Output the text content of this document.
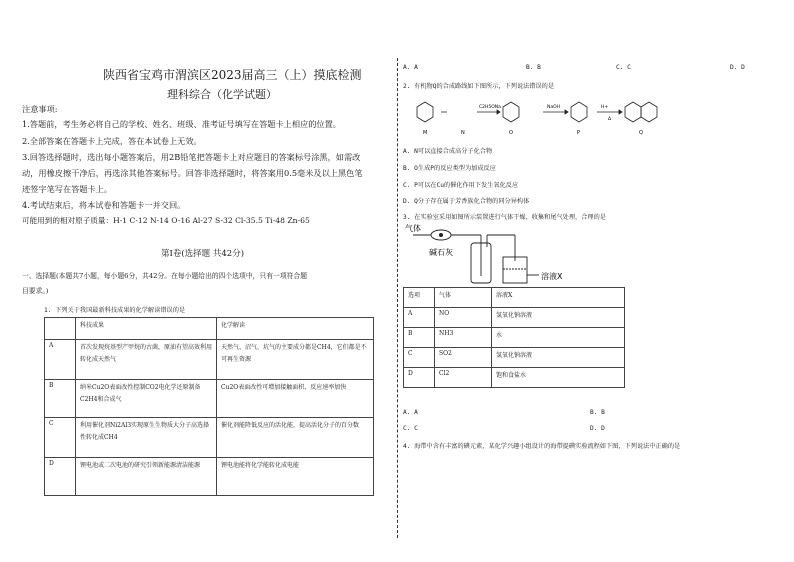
陕西省宝鸡市渭滨区2023届高三（上）摸底检测
理科综合（化学试题）
注意事项:
1.答题前，考生务必将自己的学校、姓名、班级、准考证号填写在答题卡上相应的位置。
2.全部答案在答题卡上完成，答在本试卷上无效。
3.回答选择题时，选出每小题答案后，用2B铅笔把答题卡上对应题目的答案标号涂黑，如需改
动，用橡皮擦干净后，再选涂其他答案标号。回答非选择题时，将答案用0.5毫米及以上黑色笔
迹签字笔写在答题卡上。
4.考试结束后，将本试卷和答题卡一并交回。
可能用到的相对原子质量：H-1 C-12 N-14 O-16 Al-27 S-32 Cl-35.5 Ti-48 Zn-65
第Ⅰ卷(选择题 共42分)
一、选择题(本题共7小题，每小题6分，共42分。在每小题给出的四个选项中，只有一项符合题
目要求。)
1. 下列关于我国最新科技成果的化学解读错误的是
	科技成果	化学解读
A	首次发现烷基型产甲烷的古菌，原油有望高效利用转化成天然气	天然气、沼气、坑气的主要成分都是CH4，它们都是不可再生资源
B	纳米Cu2O表面改性控制CO2电化学还原制备C2H4和合成气	Cu2O表面改性可增加接触面积，反应速率加快
C	利用催化剂Ni2Al3实现原生生物质大分子高选择性转化成CH4	催化剂能降低反应的活化能，提高活化分子的百分数
D	锂电池或二次电池的研究引领新能源清洁能源	锂电池能将化学能转化成电能
A. A	B. B	C. C	D. D
2. 有机物Q的合成路线如下图所示，下列说法错误的是
M	N	O	P	Q
C2H5ONa	NaOH	H+
Δ
A. N可以直接合成高分子化合物
B. O生成P的反应类型为加成反应
C. P可以在Cu的催化作用下发生氧化反应
D. Q分子存在属于芳香族化合物的同分异构体
3. 在实验室采用如图所示装置进行气体干燥、收集和尾气处理，合理的是
气体
碱石灰
溶液X
选项	气体	溶液X
A	NO	氢氧化钠溶液
B	NH3	水
C	SO2	氢氧化钠溶液
D	Cl2	饱和食盐水
A. A	B. B
C. C	D. D
4. 海带中含有丰富的碘元素，某化学兴趣小组设计的海带提碘实验流程如下图，下列说法中正确的是
